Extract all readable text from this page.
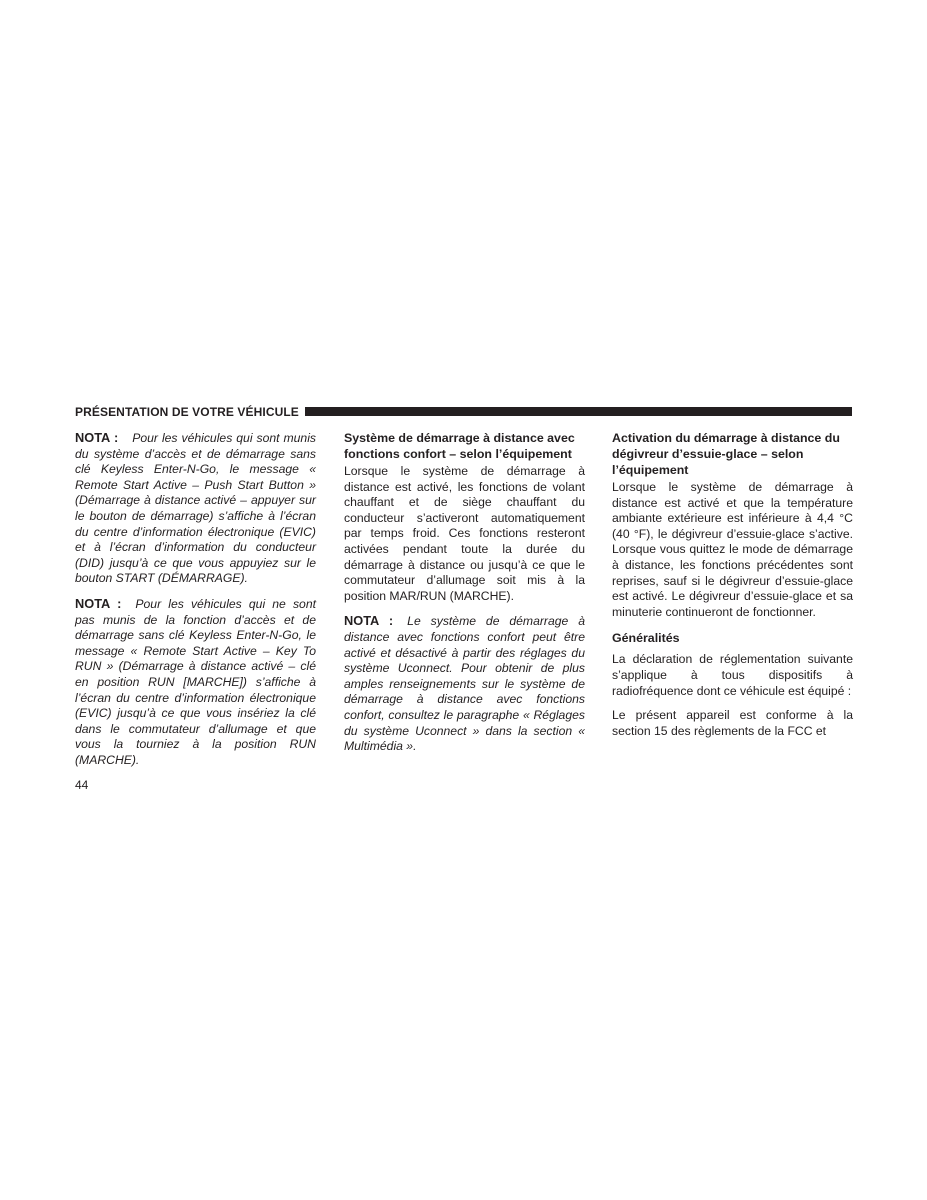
PRÉSENTATION DE VOTRE VÉHICULE

NOTA : Pour les véhicules qui sont munis du système d’accès et de démarrage sans clé Keyless Enter-N-Go, le message « Remote Start Active – Push Start Button » (Démarrage à distance activé – appuyer sur le bouton de démarrage) s’affiche à l’écran du centre d’information électronique (EVIC) et à l’écran d’information du conducteur (DID) jusqu’à ce que vous appuyiez sur le bouton START (DÉMARRAGE).

NOTA : Pour les véhicules qui ne sont pas munis de la fonction d’accès et de démarrage sans clé Keyless Enter-N-Go, le message « Remote Start Active – Key To RUN » (Démarrage à distance activé – clé en position RUN [MARCHE]) s’affiche à l’écran du centre d’information électronique (EVIC) jusqu’à ce que vous insériez la clé dans le commutateur d’allumage et que vous la tourniez à la position RUN (MARCHE).

Système de démarrage à distance avec fonctions confort – selon l’équipement

Lorsque le système de démarrage à distance est activé, les fonctions de volant chauffant et de siège chauffant du conducteur s’activeront automatiquement par temps froid. Ces fonctions resteront activées pendant toute la durée du démarrage à distance ou jusqu’à ce que le commutateur d’allumage soit mis à la position MAR/RUN (MARCHE).

NOTA : Le système de démarrage à distance avec fonctions confort peut être activé et désactivé à partir des réglages du système Uconnect. Pour obtenir de plus amples renseignements sur le système de démarrage à distance avec fonctions confort, consultez le paragraphe « Réglages du système Uconnect » dans la section « Multimédia ».

Activation du démarrage à distance du dégivreur d’essuie-glace – selon l’équipement

Lorsque le système de démarrage à distance est activé et que la température ambiante extérieure est inférieure à 4,4 °C (40 °F), le dégivreur d’essuie-glace s’active. Lorsque vous quittez le mode de démarrage à distance, les fonctions précédentes sont reprises, sauf si le dégivreur d’essuie-glace est activé. Le dégivreur d’essuie-glace et sa minuterie continueront de fonctionner.

Généralités

La déclaration de réglementation suivante s’applique à tous dispositifs à radiofréquence dont ce véhicule est équipé :

Le présent appareil est conforme à la section 15 des règlements de la FCC et

44
